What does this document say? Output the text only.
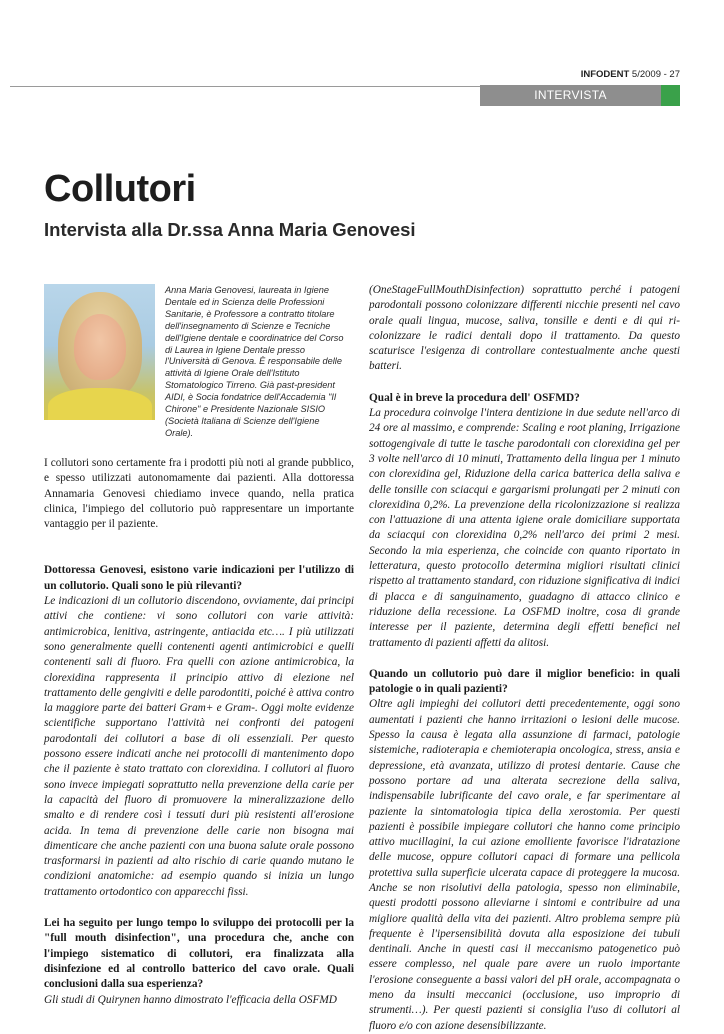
INFODENT 5/2009 - 27
INTERVISTA
Collutori
Intervista alla Dr.ssa Anna Maria Genovesi
Anna Maria Genovesi, laureata in Igiene Dentale ed in Scienza delle Professioni Sanitarie, è Professore a contratto titolare dell'insegnamento di Scienze e Tecniche dell'Igiene dentale e coordinatrice del Corso di Laurea in Igiene Dentale presso l'Università di Genova. È responsabile delle attività di Igiene Orale dell'Istituto Stomatologico Tirreno. Già past-president AIDI, è Socia fondatrice dell'Accademia "Il Chirone" e Presidente Nazionale SISIO (Società Italiana di Scienze dell'Igiene Orale).

I collutori sono certamente fra i prodotti più noti al grande pubblico, e spesso utilizzati autonomamente dai pazienti. Alla dottoressa Annamaria Genovesi chiediamo invece quando, nella pratica clinica, l'impiego del collutorio può rappresentare un importante vantaggio per il paziente.

Dottoressa Genovesi, esistono varie indicazioni per l'utilizzo di un collutorio. Quali sono le più rilevanti?

Le indicazioni di un collutorio discendono, ovviamente, dai principi attivi che contiene: vi sono collutori con varie attività: antimicrobica, lenitiva, astringente, antiacida etc…. I più utilizzati sono generalmente quelli contenenti agenti antimicrobici e quelli contenenti sali di fluoro. Fra quelli con azione antimicrobica, la clorexidina rappresenta il principio attivo di elezione nel trattamento delle gengiviti e delle parodontiti, poiché è attiva contro la maggiore parte dei batteri Gram+ e Gram-. Oggi molte evidenze scientifiche supportano l'attività nei confronti dei patogeni parodontali dei collutori a base di oli essenziali. Per questo possono essere indicati anche nei protocolli di mantenimento dopo che il paziente è stato trattato con clorexidina. I collutori al fluoro sono invece impiegati soprattutto nella prevenzione della carie per la capacità del fluoro di promuovere la mineralizzazione dello smalto e di rendere così i tessuti duri più resistenti all'erosione acida. In tema di prevenzione delle carie non bisogna mai dimenticare che anche pazienti con una buona salute orale possono trasformarsi in pazienti ad alto rischio di carie quando mutano le condizioni anatomiche: ad esempio quando si inizia un lungo trattamento ortodontico con apparecchi fissi.

Lei ha seguito per lungo tempo lo sviluppo dei protocolli per la "full mouth disinfection", una procedura che, anche con l'impiego sistematico di collutori, era finalizzata alla disinfezione ed al controllo batterico del cavo orale. Quali conclusioni dalla sua esperienza?

Gli studi di Quirynen hanno dimostrato l'efficacia della OSFMD

(OneStageFullMouthDisinfection) soprattutto perché i patogeni parodontali possono colonizzare differenti nicchie presenti nel cavo orale quali lingua, mucose, saliva, tonsille e denti e di qui ri-colonizzare le radici dentali dopo il trattamento. Da questo scaturisce l'esigenza di controllare contestualmente anche questi batteri.

Qual è in breve la procedura dell' OSFMD?

La procedura coinvolge l'intera dentizione in due sedute nell'arco di 24 ore al massimo, e comprende: Scaling e root planing, Irrigazione sottogengivale di tutte le tasche parodontali con clorexidina gel per 3 volte nell'arco di 10 minuti, Trattamento della lingua per 1 minuto con clorexidina gel, Riduzione della carica batterica della saliva e delle tonsille con sciacqui e gargarismi prolungati per 2 minuti con clorexidina 0,2%. La prevenzione della ricolonizzazione si realizza con l'attuazione di una attenta igiene orale domiciliare supportata da sciacqui con clorexidina 0,2% nell'arco dei primi 2 mesi. Secondo la mia esperienza, che coincide con quanto riportato in letteratura, questo protocollo determina migliori risultati clinici rispetto al trattamento standard, con riduzione significativa di indici di placca e di sanguinamento, guadagno di attacco clinico e riduzione della recessione. La OSFMD inoltre, cosa di grande interesse per il paziente, determina degli effetti benefici nel trattamento di pazienti affetti da alitosi.

Quando un collutorio può dare il miglior beneficio: in quali patologie o in quali pazienti?

Oltre agli impieghi dei collutori detti precedentemente, oggi sono aumentati i pazienti che hanno irritazioni o lesioni delle mucose. Spesso la causa è legata alla assunzione di farmaci, patologie sistemiche, radioterapia e chemioterapia oncologica, stress, ansia e depressione, età avanzata, utilizzo di protesi dentarie. Cause che possono portare ad una alterata secrezione della saliva, indispensabile lubrificante del cavo orale, e far sperimentare al paziente la sintomatologia tipica della xerostomia. Per questi pazienti è possibile impiegare collutori che hanno come principio attivo mucillagini, la cui azione emolliente favorisce l'idratazione delle mucose, oppure collutori capaci di formare una pellicola protettiva sulla superficie ulcerata capace di proteggere la mucosa. Anche se non risolutivi della patologia, spesso non eliminabile, questi prodotti possono alleviarne i sintomi e contribuire ad una migliore qualità della vita dei pazienti. Altro problema sempre più frequente è l'ipersensibilità dovuta alla esposizione dei tubuli dentinali. Anche in questi casi il meccanismo patogenetico può essere complesso, nel quale pare avere un ruolo importante l'erosione conseguente a bassi valori del pH orale, accompagnata o meno da insulti meccanici (occlusione, uso improprio di strumenti…). Per questi pazienti si consiglia l'uso di collutori al fluoro e/o con azione desensibilizzante.
